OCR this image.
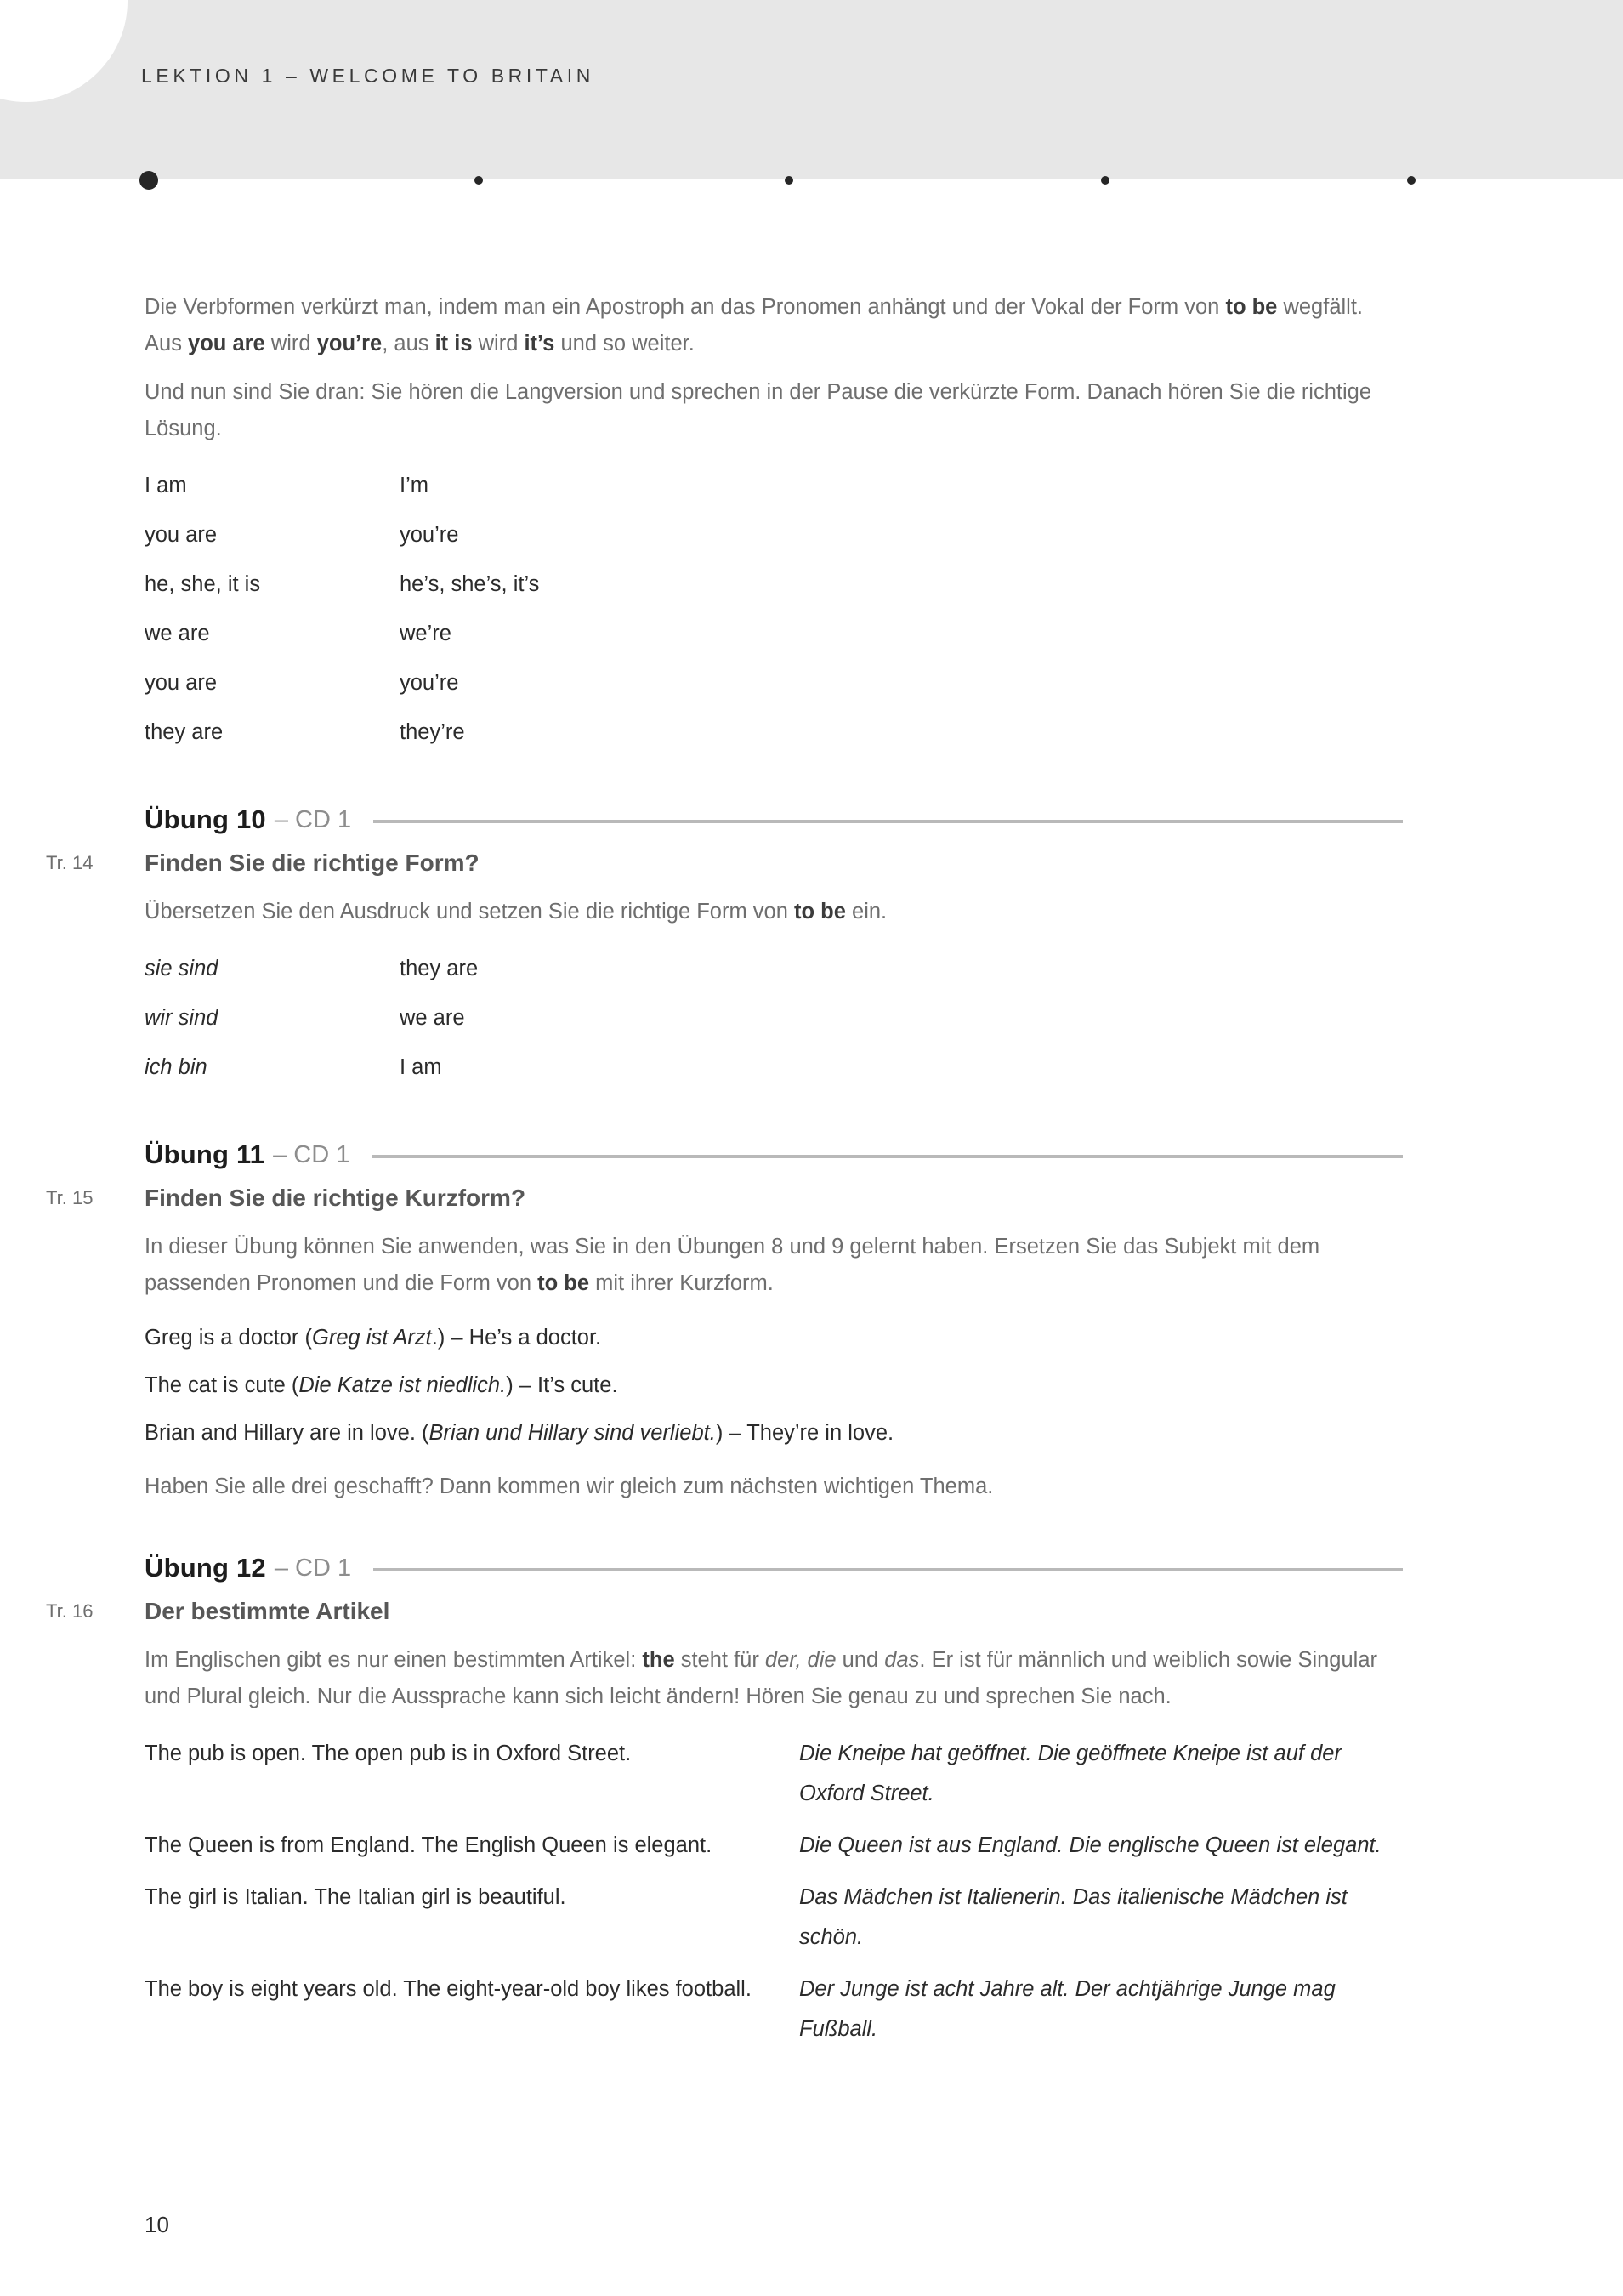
LEKTION 1 – WELCOME TO BRITAIN

Die Verbformen verkürzt man, indem man ein Apostroph an das Pronomen anhängt und der Vokal der Form von to be wegfällt. Aus you are wird you’re, aus it is wird it’s und so weiter.

Und nun sind Sie dran: Sie hören die Langversion und sprechen in der Pause die verkürzte Form. Danach hören Sie die richtige Lösung.

I am	I’m
you are	you’re
he, she, it is	he’s, she’s, it’s
we are	we’re
you are	you’re
they are	they’re
Tr. 14
Übung 10 – CD 1
Finden Sie die richtige Form?

Übersetzen Sie den Ausdruck und setzen Sie die richtige Form von to be ein.

sie sind	they are
wir sind	we are
ich bin	I am
Tr. 15
Übung 11 – CD 1
Finden Sie die richtige Kurzform?

In dieser Übung können Sie anwenden, was Sie in den Übungen 8 und 9 gelernt haben. Ersetzen Sie das Subjekt mit dem passenden Pronomen und die Form von to be mit ihrer Kurzform.

Greg is a doctor (Greg ist Arzt.) – He’s a doctor.
The cat is cute (Die Katze ist niedlich.) – It’s cute.
Brian and Hillary are in love. (Brian und Hillary sind verliebt.) – They’re in love.

Haben Sie alle drei geschafft? Dann kommen wir gleich zum nächsten wichtigen Thema.

Tr. 16
Übung 12 – CD 1
Der bestimmte Artikel

Im Englischen gibt es nur einen bestimmten Artikel: the steht für der, die und das. Er ist für männlich und weiblich sowie Singular und Plural gleich. Nur die Aussprache kann sich leicht ändern! Hören Sie genau zu und sprechen Sie nach.

The pub is open. The open pub is in Oxford Street.	Die Kneipe hat geöffnet. Die geöffnete Kneipe ist auf der Oxford Street.
The Queen is from England. The English Queen is elegant.	Die Queen ist aus England. Die englische Queen ist elegant.
The girl is Italian. The Italian girl is beautiful.	Das Mädchen ist Italienerin. Das italienische Mädchen ist schön.
The boy is eight years old. The eight-year-old boy likes football.	Der Junge ist acht Jahre alt. Der achtjährige Junge mag Fußball.
10
